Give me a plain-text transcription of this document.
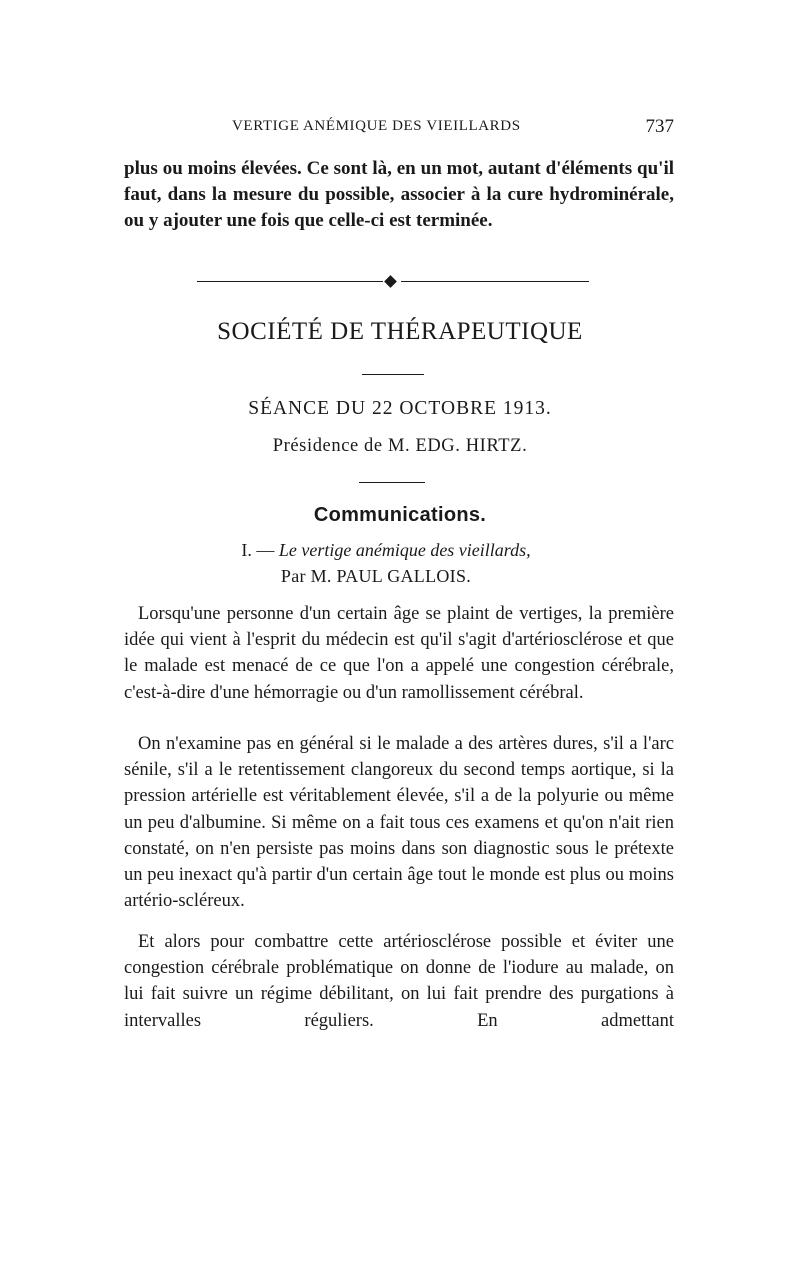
VERTIGE ANÉMIQUE DES VIEILLARDS	737

plus ou moins élevées. Ce sont là, en un mot, autant d'éléments qu'il faut, dans la mesure du possible, associer à la cure hydrominérale, ou y ajouter une fois que celle-ci est terminée.

SOCIÉTÉ DE THÉRAPEUTIQUE

SÉANCE DU 22 OCTOBRE 1913.

Présidence de M. EDG. HIRTZ.

Communications.

I. — Le vertige anémique des vieillards,

Par M. PAUL GALLOIS.

Lorsqu'une personne d'un certain âge se plaint de vertiges, la première idée qui vient à l'esprit du médecin est qu'il s'agit d'artériosclérose et que le malade est menacé de ce que l'on a appelé une congestion cérébrale, c'est-à-dire d'une hémorragie ou d'un ramollissement cérébral.

On n'examine pas en général si le malade a des artères dures, s'il a l'arc sénile, s'il a le retentissement clangoreux du second temps aortique, si la pression artérielle est véritablement élevée, s'il a de la polyurie ou même un peu d'albumine. Si même on a fait tous ces examens et qu'on n'ait rien constaté, on n'en persiste pas moins dans son diagnostic sous le prétexte un peu inexact qu'à partir d'un certain âge tout le monde est plus ou moins artério-scléreux.

Et alors pour combattre cette artériosclérose possible et éviter une congestion cérébrale problématique on donne de l'iodure au malade, on lui fait suivre un régime débilitant, on lui fait prendre des purgations à intervalles réguliers. En admettant
